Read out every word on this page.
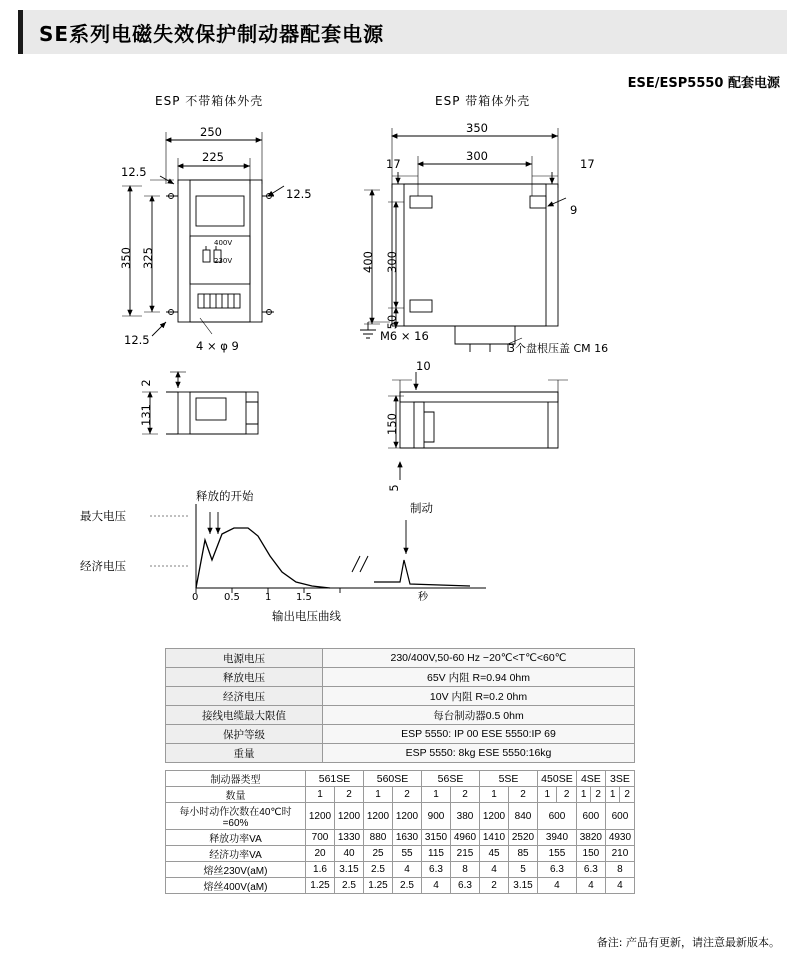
SE系列电磁失效保护制动器配套电源
ESE/ESP5550 配套电源
ESP 不带箱体外壳	ESP 带箱体外壳
250
225
12.5
12.5
12.5
350 325
2
131
400V
230V
4 × φ 9
350
300
17	17
9
400 300
50
M6 × 16
3个盘根压盖 CM 16
10
150
5
最大电压
经济电压
释放的开始
制动
0	0.5	1 1.5	秒
输出电压曲线
电源电压	230/400V,50-60 Hz −20℃<T℃<60℃
释放电压	65V 内阻 R=0.94 0hm
经济电压	10V 内阻 R=0.2 0hm
接线电缆最大限值	每台制动器0.5 0hm
保护等级	ESP 5550: IP 00 ESE 5550:IP 69
重量	ESP 5550: 8kg ESE 5550:16kg
制动器类型	561SE		560SE		56SE		5SE		450SE		4SE		3SE	
数量	1	2	1	2	1	2	1	2	1	2	1	2	1	2
每小时动作次数在40℃时=60%	1200	1200	1200	1200	900	380	1200	840	600		600		600	
释放功率VA	700	1330	880	1630	3150	4960	1410	2520	3940		3820		4930	
经济功率VA	20	40	25	55	115	215	45	85	155		150		210	
熔丝230V(aM)	1.6	3.15	2.5	4	6.3	8	4	5	6.3		6.3		8	
熔丝400V(aM)	1.25	2.5	1.25	2.5	4	6.3	2	3.15	4		4		4	
备注: 产品有更新，请注意最新版本。
